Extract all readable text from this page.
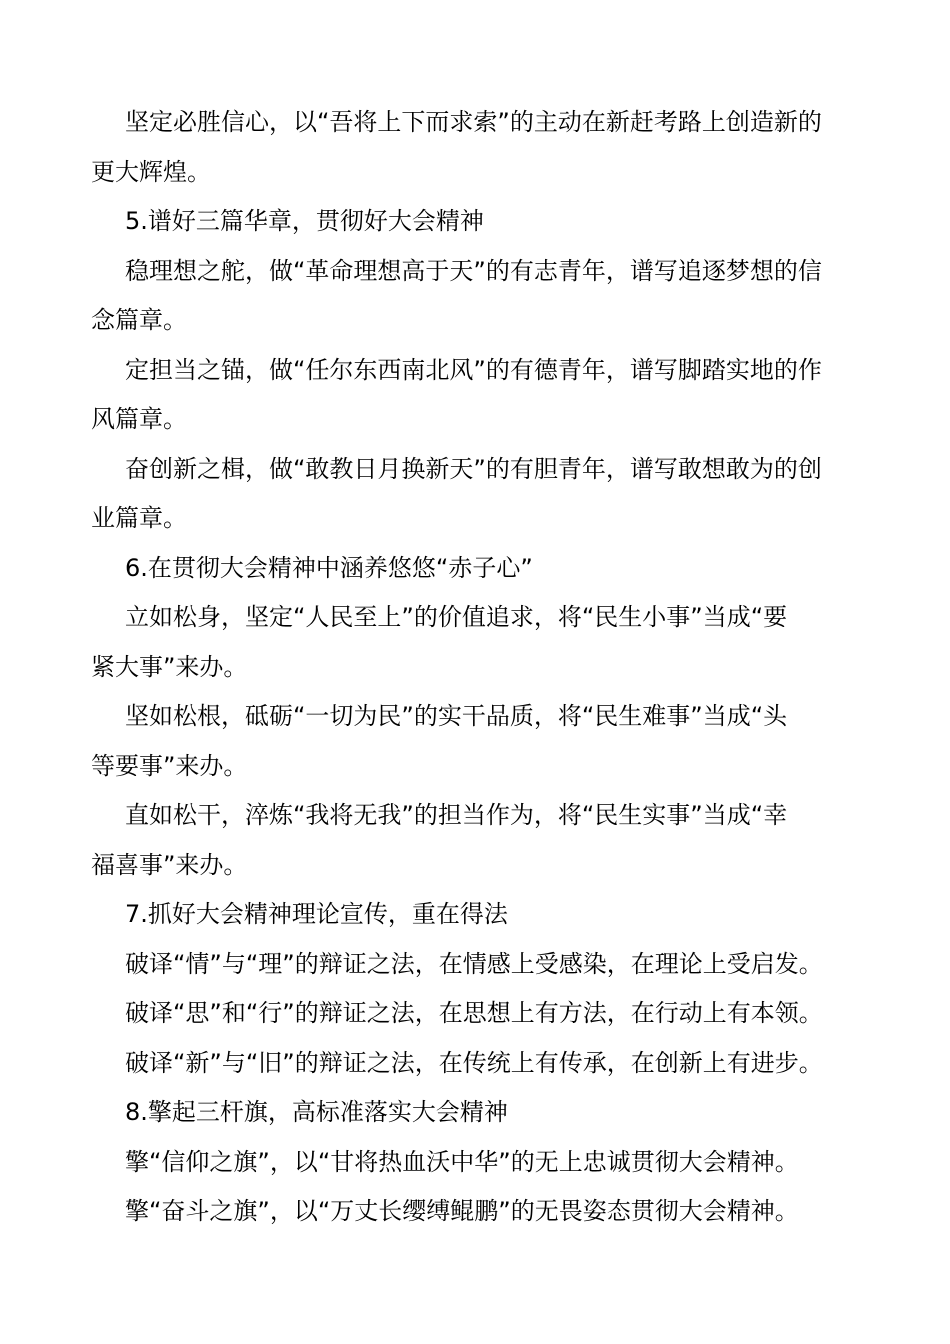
坚定必胜信心，以“吾将上下而求索”的主动在新赶考路上创造新的
更大辉煌。

5.谱好三篇华章，贯彻好大会精神

稳理想之舵，做“革命理想高于天”的有志青年，谱写追逐梦想的信
念篇章。

定担当之锚，做“任尔东西南北风”的有德青年，谱写脚踏实地的作
风篇章。

奋创新之楫，做“敢教日月换新天”的有胆青年，谱写敢想敢为的创
业篇章。

6.在贯彻大会精神中涵养悠悠“赤子心”

立如松身，坚定“人民至上”的价值追求，将“民生小事”当成“要
紧大事”来办。

坚如松根，砥砺“一切为民”的实干品质，将“民生难事”当成“头
等要事”来办。

直如松干，淬炼“我将无我”的担当作为，将“民生实事”当成“幸
福喜事”来办。

7.抓好大会精神理论宣传，重在得法

破译“情”与“理”的辩证之法，在情感上受感染，在理论上受启发。

破译“思”和“行”的辩证之法，在思想上有方法，在行动上有本领。

破译“新”与“旧”的辩证之法，在传统上有传承，在创新上有进步。

8.擎起三杆旗，高标准落实大会精神

擎“信仰之旗”，以“甘将热血沃中华”的无上忠诚贯彻大会精神。

擎“奋斗之旗”，以“万丈长缨缚鲲鹏”的无畏姿态贯彻大会精神。
